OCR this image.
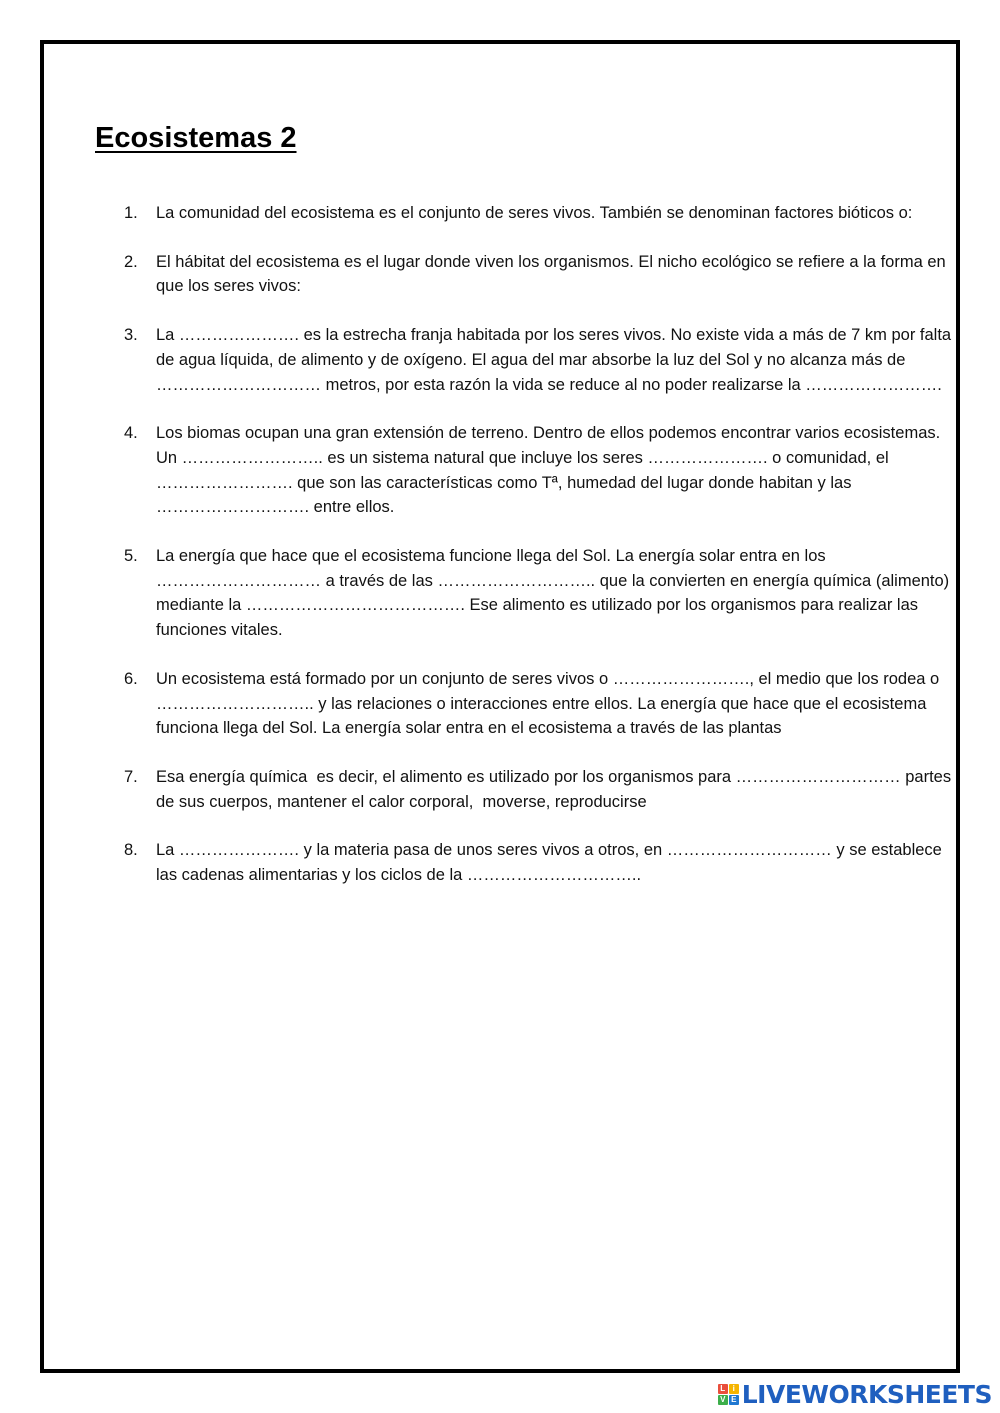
Ecosistemas 2
1.	La comunidad del ecosistema es el conjunto de seres vivos. También se denominan factores bióticos o:
2.	El hábitat del ecosistema es el lugar donde viven los organismos. El nicho ecológico se refiere a la forma en que los seres vivos:
3.	La …………………. es la estrecha franja habitada por los seres vivos. No existe vida a más de 7 km por falta de agua líquida, de alimento y de oxígeno. El agua del mar absorbe la luz del Sol y no alcanza más de ………………………… metros, por esta razón la vida se reduce al no poder realizarse la …………………….
4.	Los biomas ocupan una gran extensión de terreno. Dentro de ellos podemos encontrar varios ecosistemas. Un …………………….. es un sistema natural que incluye los seres …………………. o comunidad, el ……………………. que son las características como Tª, humedad del lugar donde habitan y las ………………………. entre ellos.
5.	La energía que hace que el ecosistema funcione llega del Sol. La energía solar entra en los ………………………… a través de las ……………………….. que la convierten en energía química (alimento) mediante la …………………………………. Ese alimento es utilizado por los organismos para realizar las funciones vitales.
6.	Un ecosistema está formado por un conjunto de seres vivos o ……………………., el medio que los rodea o ……………………….. y las relaciones o interacciones entre ellos. La energía que hace que el ecosistema funciona llega del Sol. La energía solar entra en el ecosistema a través de las plantas
7.	Esa energía química  es decir, el alimento es utilizado por los organismos para ………………………… partes de sus cuerpos, mantener el calor corporal,  moverse, reproducirse
8.	La …………………. y la materia pasa de unos seres vivos a otros, en ………………………… y se establece las cadenas alimentarias y los ciclos de la …………………………..
L i
V E LIVEWORKSHEETS
